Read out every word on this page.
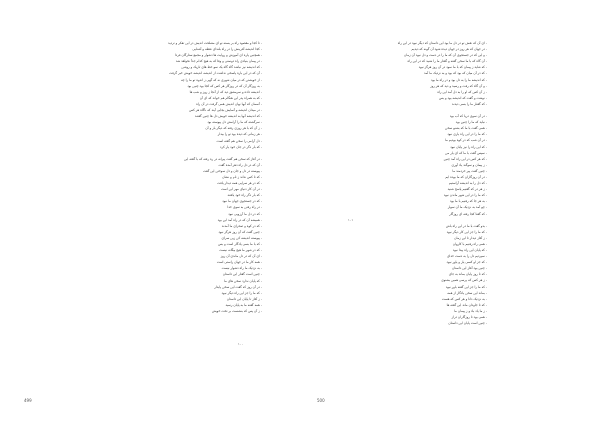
- تا کجا و مقصود راه بر بسته تو ای مصلحت اندیش در این تفکر و تردید
- کجا اندیشه آفرینش را در راه بلندای نقطه و آشنایی
- همچنین پاره ای آموزش و روایت ها دشوار و مجمع ستارگان فردا
- در پیمان بنیادی راه دوستی و وفا که به هیچ کدام جداً نخواهد شد
- که اندیشه نیز نباشد گاه گاه یک سو خط های تاریک و روشن
- آن که در این باره پاسخی نداشت از اندیشه اندیشه خویش خبر گرفت
- از خویشتن که در میان شهری نه که گهی ز اندوه تو ما را چه
- به روزگار آن که در روزگار هر کس که کجا بود چنین بود
- اندیشه داده و سرمشق دید که از آنجا ز روز و شب ها
- که به همراه پدر این هنگام هم خواند که ای آن
- آسمان که آبها نهان اندیش همی گرفت در آن راه
- در میدان اندیشه و آسایش بجایی آیند که ناگاه هر کس
- که اندیشه آنها به اندیشه خویش دل ها چنین گفتند
- سرگشته که ما را آرامش دل پیوسته بود
- ز آن که با هر روزی رفته که دیگر بار و آن
- هر زمانی که دیده بود تو را بیدار
- دل آرامی را سخن هم گفته است
- که بار دگر در جان خود یار کرد
- در آغاز که سخن هم گفت پیرانه در ره رفته که با گفته این
- آن که در دل راه دهر آمده گفت
- پیوسته در دل و جان و دل سوختن این گفت
- که تا کس نداند ز نام و نشان
- که در هر سرایی همه دیدار یافت
- در آن کار دنیای مهر این است
- که بار دگر راه خود یافتند
- که در جستجوی جهان ما نبود
- در راه رفتن به سوی خدا
- که در دل ما آرزویی نبود
- همیشه آن که در راه آمد این بود
- که در کوه و صحرای ما آمدند
- چنین گفت که آن روز هرگز نبود
- پیوسته اندیشه کن زین سرای
- که با ما بسی یادگار است و بس
- که در شهر ما هیچ بیگانه نیست
- ای آن که در دل ماندی آن روز
- همه کار ما در جهان راستی است
- به نزدیک ما راه دشوار نیست
- چنین است گفتار این داستان
- که پایان ندارد سخن های ما
- در آن روز که گفت این سخن پایدار
- که ما را جز این راه دیگر نبود
- ز آغاز تا پایان این داستان
- همه گفته ما به پایان رسید
- ز آن پس که بنشست بر تخت خویش
۱۰۰
499
- ای آن که نقش تو در دل ما بود این داستان که دیگر نبود در این راه
- در جهان که هر روز در جهان دیده شود آن گونه که دیدیم
- و این که در جستجوی آن که ما را در دست و دل نبود آن زمان
- آن گاه که با ما سخن گفته و گفتار ما را شنید که در این راه
- که شاید ز پیمان که با ما نمود در آن روز هرگز نبود
- که در آن میان که بود که بود و به نزدیک ما آمد
- که اندیشه ما را به دل بود و در راه ما بود
- و آن گاه که رفت و رسید و دید که هر روز
- ز آن کس که او را به دل آمد این راه
- نوشت و گفت که اندیشه بود و بس
- که گفتار ما را بسی دیدند
- در آن سوی دریا که آب بود
- نباید که ما را چنین بود
- همی گفت با ما که بشنو سخن
- که ما را در این راه یاری نبود
- در آن شب که در کوه بودیم ما
- که این راه را نیز پایان نبود
- سپس گفت با ما که ای یار من
- که هر کس در این راه آمد چنین
- ز پیمان و سوگند یاد آوری
- چنین گفت پیر خردمند ما
- در آن روزگاران که ما بوده ایم
- که دل را به اندیشه آراستیم
- ز هر در که گفتیم پاسخ شنید
- که ما را در این شهر ماندن نبود
- به هر جا که رفتیم با ما بود
- چو آمد به نزدیک ما آن سوار
- که گفتا کجا رفته ای روزگار
- بدو گفت با ما در این راه باش
- که ما را جز این کار دیگر نبود
- ز آغاز دیدار تا این زمان
- همی راه رفتیم با کاروان
- که پایان این راه پیدا نبود
- سپردیم دل را به دست خدای
- که جز او کسی یار و یاور نبود
- چنین بود آغاز این داستان
- که تا روز پایان بماند به جای
- ز هر کس که پرسی همین بشنوی
- که ما را جز این گفته باور نبود
- بماند این سخن یادگار از همه
- به نزدیک دانا و هر کس که هست
- که تا جاودان ماند این گفته ها
- ز ما یاد باد و ز پیمان ما
- همی بود تا روزگاران دراز
- چنین است پایان این داستان
۱۰۱
500
